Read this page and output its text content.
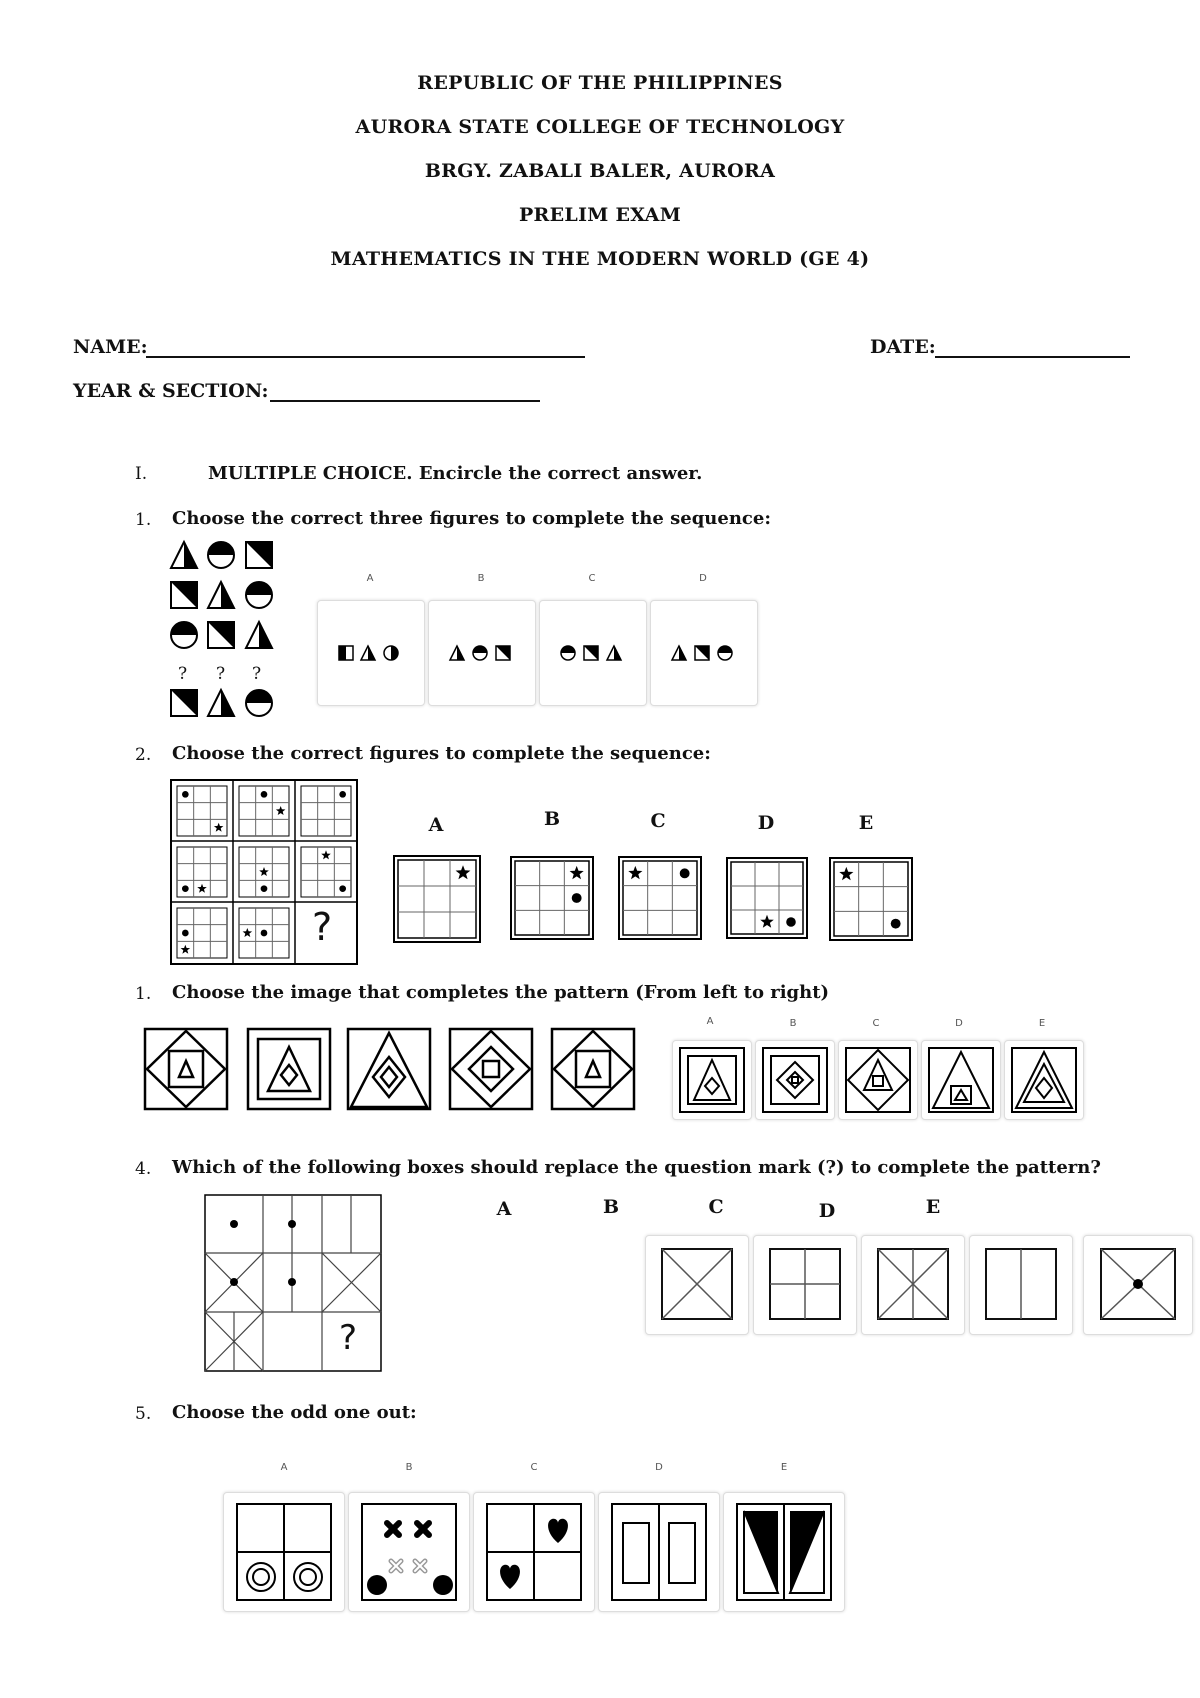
REPUBLIC OF THE PHILIPPINES
AURORA STATE COLLEGE OF TECHNOLOGY
BRGY. ZABALI BALER, AURORA
PRELIM EXAM
MATHEMATICS IN THE MODERN WORLD (GE 4)
NAME:	DATE:
YEAR & SECTION:
I.	MULTIPLE CHOICE. Encircle the correct answer.
1. Choose the correct three figures to complete the sequence:
? ? ?
A	B	C	D
2. Choose the correct figures to complete the sequence:
?
A	B	C	D	E
1. Choose the image that completes the pattern (From left to right)
A	B	C	D	E
4. Which of the following boxes should replace the question mark (?) to complete the pattern?
?
A	B	C	D	E
5. Choose the odd one out:
A	B	C	D	E
